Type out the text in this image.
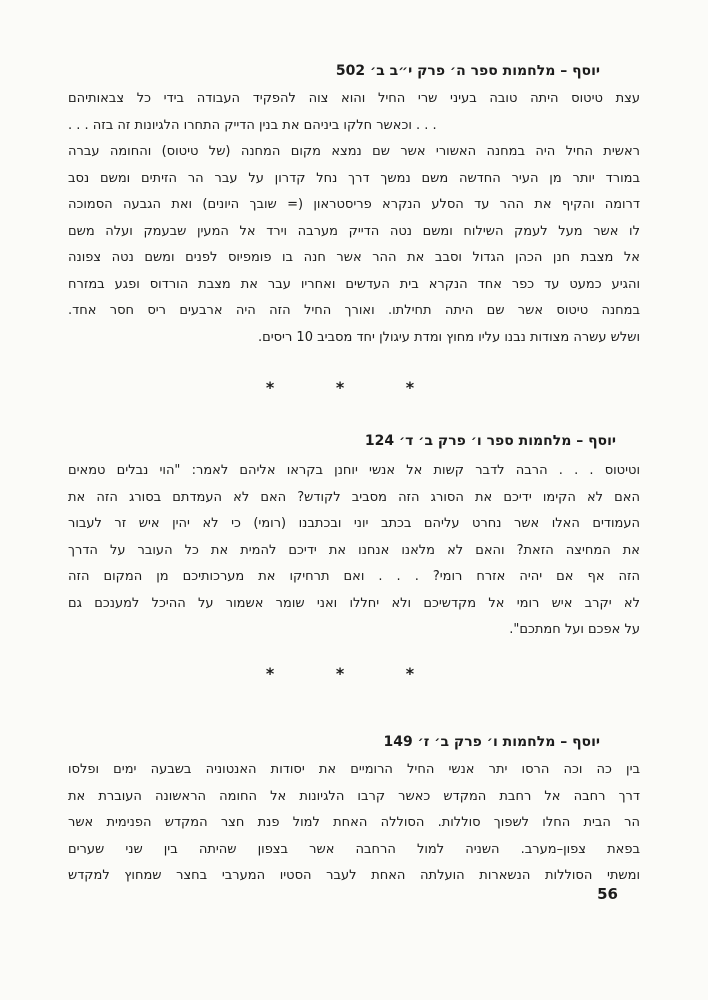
יוסף – מלחמות ספר ה׳ פרק י״ב ב׳ 502
עצת טיטוס היתה טובה בעיני שרי החיל והוא צוה להפקיד העבודה בידי כל צבאותיהם
. . . וכאשר חלקו ביניהם את בנין הדייק התחרו הלגיונות זה בזה . . .
ראשית החיל היה במחנה האשורי אשר שם נמצא מקום המחנה (של טיטוס) והחומה עברה
במורד יותר מן העיר החדשה משם נמשך דרך נחל קדרון על עבר הר הזיתים ומשם נסב
דרומה והקיף את ההר עד הסלע הנקרא פריסטראון (= שובך היונים) ואת הגבעה הסמוכה
לו אשר מעל לעמק השילוח ומשם נטה הדייק מערבה וירד אל המעין שבעמק ועלה משם
אל מצבת חנן הכהן הגדול וסבב את ההר אשר חנה בו פומפיוס לפנים ומשם נטה צפונה
והגיע כמעט עד כפר אחד הנקרא בית העדשים ואחריו עבר את מצבת הורדוס ופגע במזרח
במחנה טיטוס אשר שם היתה תחילתו. ואורך החיל הזה היה ארבעים ריס חסר אחד.
ושלש עשרה מצודות נבנו עליו מחוץ ומדת עיגולן יחד מסביב 10 ריסים.
* * *
יוסף – מלחמות ספר ו׳ פרק ב׳ ד׳ 124
וטיטוס . . . הרבה לדבר קשות אל אנשי יוחנן בקראו אליהם לאמר: "הוי נבלים טמאים
האם לא הקימו ידיכם את הסורג הזה מסביב לקודש? האם לא העמדתם בסורג הזה את
העמודים האלו אשר נחרט עליהם בכתב יוני ובכתבנו (רומי) כי לא יהין איש זר לעבור
את המחיצה הזאת? והאם לא מלאנו אנחנו את ידיכם להמית את כל העובר על הדרך
הזה אף אם יהיה אזרח רומי? . . . ואם תרחיקו את מערכותיכם מן המקום הזה
לא יקרב איש רומי אל מקדשיכם ולא יחללו ואני שומר אשמור על ההיכל למענכם גם
על אפכם ועל חמתכם".
* * *
יוסף – מלחמות ו׳ פרק ב׳ ז׳ 149
בין כה וכה הרסו יתר אנשי החיל הרומיים את יסודות האנטוניה בשבעה ימים ופלסו
דרך רחבה אל רחבת המקדש כאשר קרבו הלגיונות אל החומה הראשונה העוברת את
הר הבית החלו לשפוך סוללות. הסוללה האחת למול פנת חצר המקדש הפנימית אשר
בפאת צפון–מערב. השניה למול הרחבה אשר בצפון שהיתה בין שני שערים
ומשתי הסוללות הנשארות הועלתה האחת לעבר הסטיו המערבי בחצר שמחוץ למקדש
56
